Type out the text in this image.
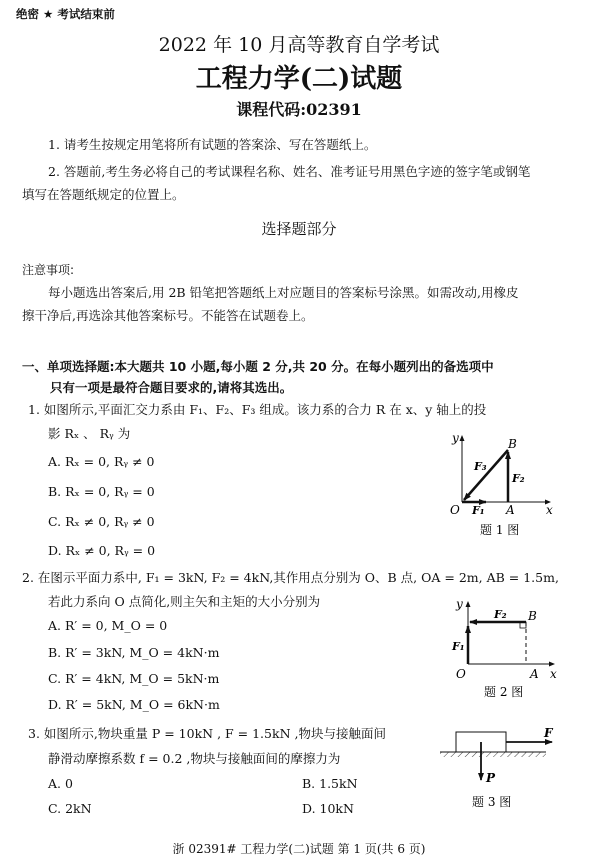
绝密 ★ 考试结束前
2022 年 10 月高等教育自学考试
工程力学(二)试题
课程代码:02391
1. 请考生按规定用笔将所有试题的答案涂、写在答题纸上。
2. 答题前,考生务必将自己的考试课程名称、姓名、准考证号用黑色字迹的签字笔或钢笔
填写在答题纸规定的位置上。
选择题部分
注意事项:
每小题选出答案后,用 2B 铅笔把答题纸上对应题目的答案标号涂黑。如需改动,用橡皮
擦干净后,再选涂其他答案标号。不能答在试题卷上。
一、单项选择题:本大题共 10 小题,每小题 2 分,共 20 分。在每小题列出的备选项中
只有一项是最符合题目要求的,请将其选出。
1. 如图所示,平面汇交力系由 F₁、F₂、F₃ 组成。该力系的合力 R 在 x、y 轴上的投
影 Rₓ 、 Rᵧ 为
A. Rₓ = 0, Rᵧ ≠ 0
B. Rₓ = 0, Rᵧ = 0
C. Rₓ ≠ 0, Rᵧ ≠ 0
D. Rₓ ≠ 0, Rᵧ = 0
y
x
O	A
B
F₁
F₂
F₃
题 1 图
2. 在图示平面力系中, F₁ = 3kN, F₂ = 4kN,其作用点分别为 O、B 点, OA = 2m, AB = 1.5m,
若此力系向 O 点简化,则主矢和主矩的大小分别为
A. R′ = 0, M_O = 0
B. R′ = 3kN, M_O = 4kN·m
C. R′ = 4kN, M_O = 5kN·m
D. R′ = 5kN, M_O = 6kN·m
y
x
O	A
B
F₁
F₂
题 2 图
3. 如图所示,物块重量 P = 10kN , F = 1.5kN ,物块与接触面间
静滑动摩擦系数 f = 0.2 ,物块与接触面间的摩擦力为
A. 0	B. 1.5kN
C. 2kN	D. 10kN
F
P
题 3 图
浙 02391# 工程力学(二)试题 第 1 页(共 6 页)
